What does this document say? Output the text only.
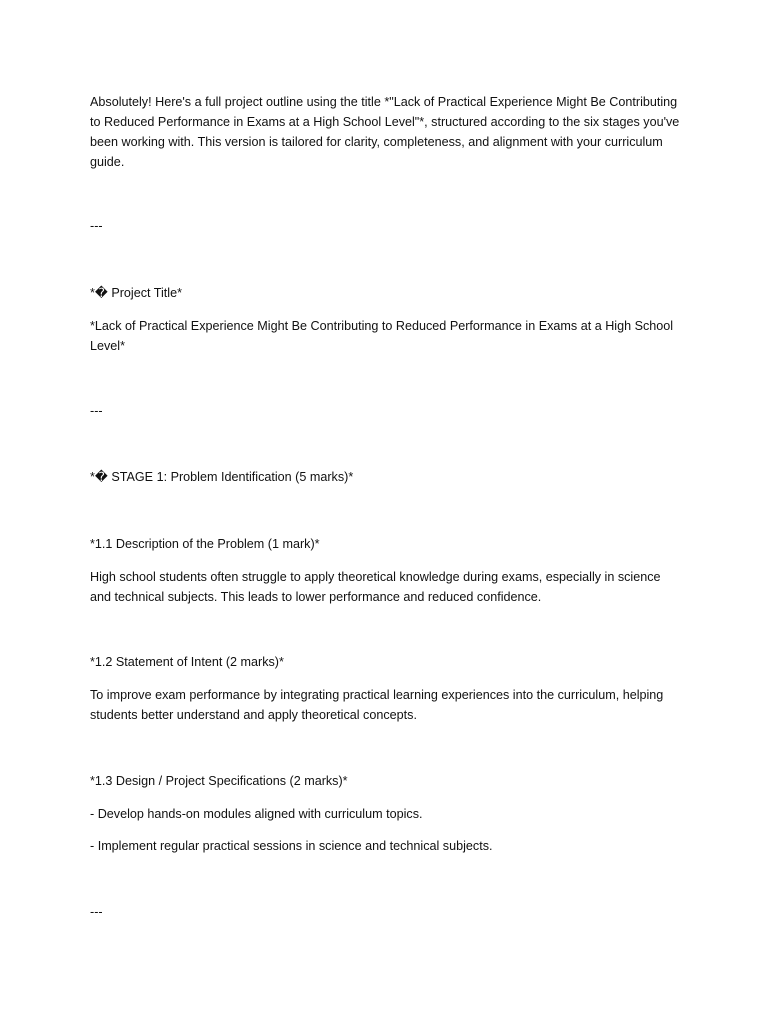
Absolutely! Here's a full project outline using the title *"Lack of Practical Experience Might Be Contributing to Reduced Performance in Exams at a High School Level"*, structured according to the six stages you've been working with. This version is tailored for clarity, completeness, and alignment with your curriculum guide.

---

*� Project Title*

*Lack of Practical Experience Might Be Contributing to Reduced Performance in Exams at a High School Level*

---

*� STAGE 1: Problem Identification (5 marks)*

*1.1 Description of the Problem (1 mark)*

High school students often struggle to apply theoretical knowledge during exams, especially in science and technical subjects. This leads to lower performance and reduced confidence.

*1.2 Statement of Intent (2 marks)*

To improve exam performance by integrating practical learning experiences into the curriculum, helping students better understand and apply theoretical concepts.

*1.3 Design / Project Specifications (2 marks)*

- Develop hands-on modules aligned with curriculum topics.

- Implement regular practical sessions in science and technical subjects.

---
